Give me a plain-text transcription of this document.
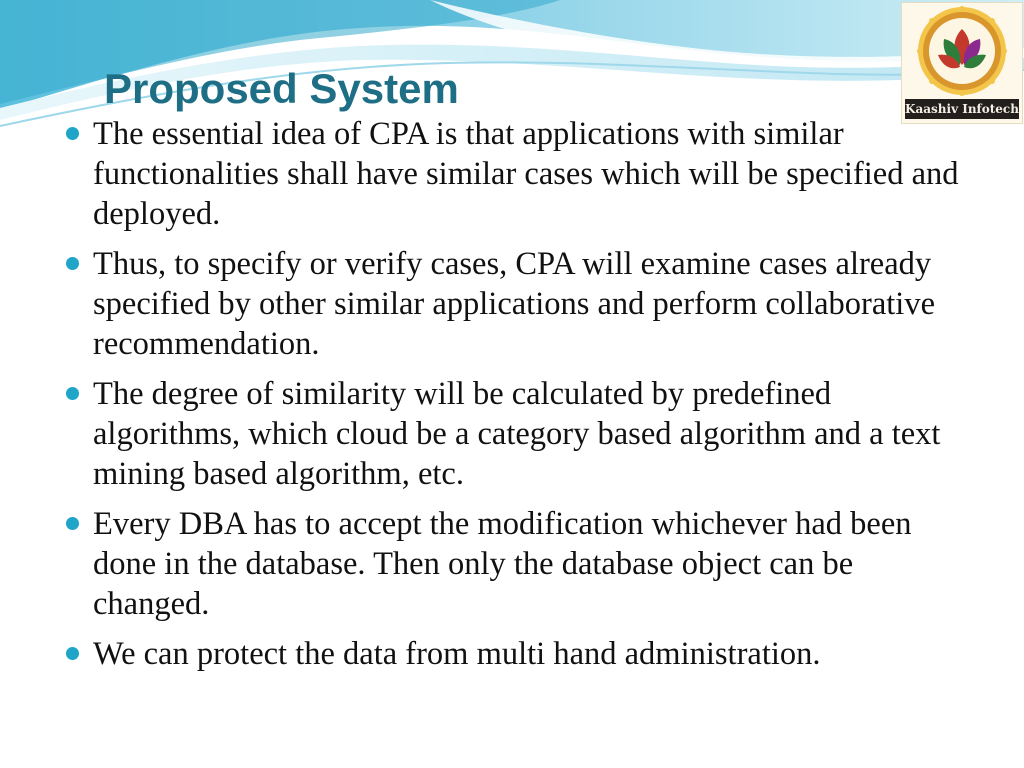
Proposed System	Kaashiv Infotech
The essential idea of CPA is that applications with similar functionalities shall have similar cases which will be specified and deployed.
Thus, to specify or verify cases, CPA will examine cases already specified by other similar applications and perform collaborative recommendation.
The degree of similarity will be calculated by predefined algorithms, which cloud be a category based algorithm and a text mining based algorithm, etc.
Every DBA has to accept the modification whichever had been done in the database. Then only the database object can be changed.
We can protect the data from multi hand administration.
